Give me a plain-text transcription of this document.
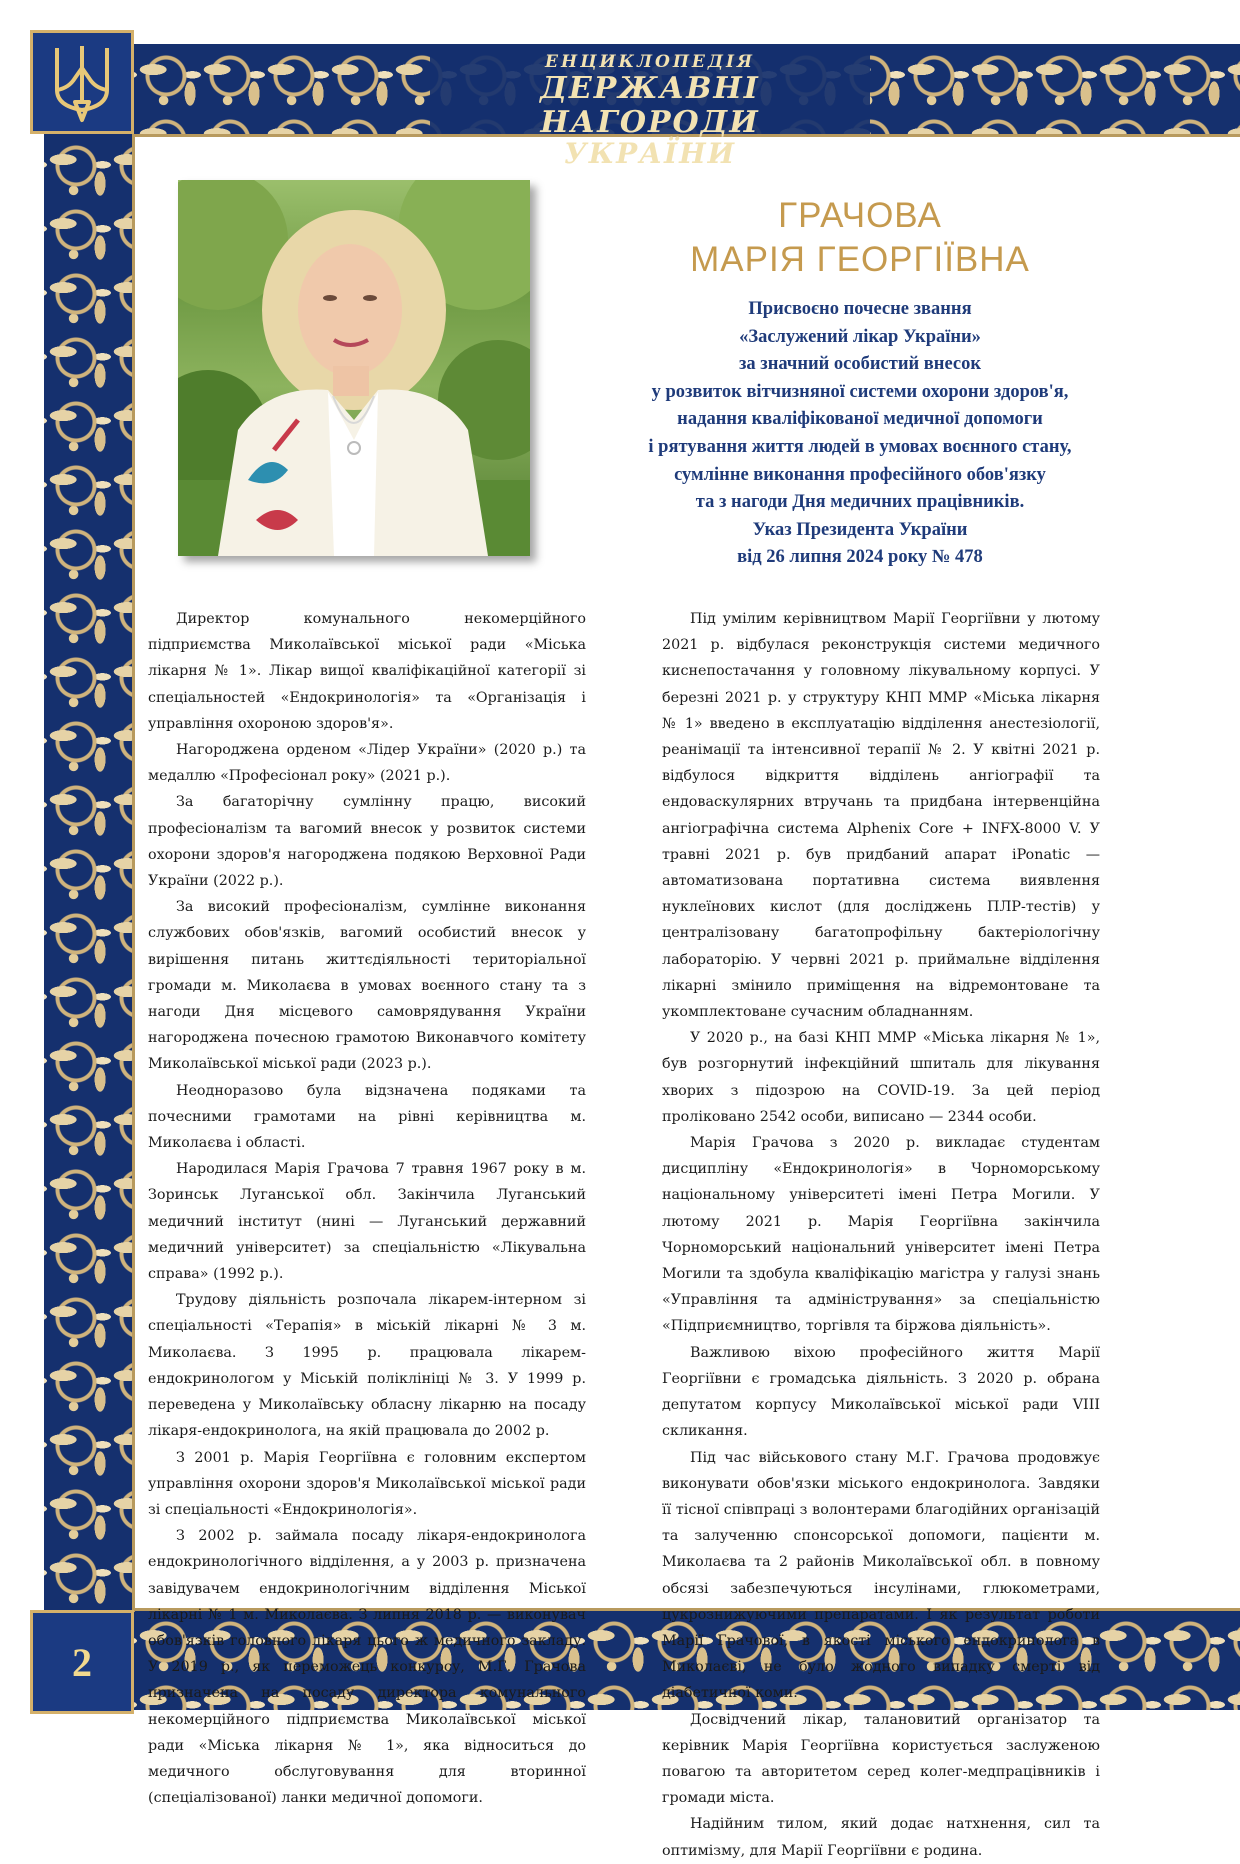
ЕНЦИКЛОПЕДІЯ
ДЕРЖАВНІ НАГОРОДИ
УКРАЇНИ
2
ГРАЧОВА
МАРІЯ ГЕОРГІЇВНА
Присвоєно почесне звання
«Заслужений лікар України»
за значний особистий внесок
у розвиток вітчизняної системи охорони здоров'я,
надання кваліфікованої медичної допомоги
і рятування життя людей в умовах воєнного стану,
сумлінне виконання професійного обов'язку
та з нагоди Дня медичних працівників.
Указ Президента України
від 26 липня 2024 року № 478

Директор комунального некомерційного підприємства Миколаївської міської ради «Міська лікарня № 1». Лікар вищої кваліфікаційної категорії зі спеціальностей «Ендокринологія» та «Організація і управління охороною здоров'я».

Нагороджена орденом «Лідер України» (2020 р.) та медаллю «Професіонал року» (2021 р.).

За багаторічну сумлінну працю, високий професіоналізм та вагомий внесок у розвиток системи охорони здоров'я нагороджена подякою Верховної Ради України (2022 р.).

За високий професіоналізм, сумлінне виконання службових обов'язків, вагомий особистий внесок у вирішення питань життєдіяльності територіальної громади м. Миколаєва в умовах воєнного стану та з нагоди Дня місцевого самоврядування України нагороджена почесною грамотою Виконавчого комітету Миколаївської міської ради (2023 р.).

Неодноразово була відзначена подяками та почесними грамотами на рівні керівництва м. Миколаєва і області.

Народилася Марія Грачова 7 травня 1967 року в м. Зоринськ Луганської обл. Закінчила Луганський медичний інститут (нині — Луганський державний медичний університет) за спеціальністю «Лікувальна справа» (1992 р.).

Трудову діяльність розпочала лікарем-інтерном зі спеціальності «Терапія» в міській лікарні № 3 м. Миколаєва. З 1995 р. працювала лікарем-ендокринологом у Міській поліклініці № 3. У 1999 р. переведена у Миколаївську обласну лікарню на посаду лікаря-ендокринолога, на якій працювала до 2002 р.

З 2001 р. Марія Георгіївна є головним експертом управління охорони здоров'я Миколаївської міської ради зі спеціальності «Ендокринологія».

З 2002 р. займала посаду лікаря-ендокринолога ендокринологічного відділення, а у 2003 р. призначена завідувачем ендокринологічним відділення Міської лікарні № 1 м. Миколаєва. З липня 2018 р. — виконувач обов'язків головного лікаря цього ж медичного закладу. У 2019 р., як переможець конкурсу, М.Г. Грачова призначена на посаду директора комунального некомерційного підприємства Миколаївської міської ради «Міська лікарня № 1», яка відноситься до медичного обслуговування для вторинної (спеціалізованої) ланки медичної допомоги.

Під умілим керівництвом Марії Георгіївни у лютому 2021 р. відбулася реконструкція системи медичного киснепостачання у головному лікувальному корпусі. У березні 2021 р. у структуру КНП ММР «Міська лікарня № 1» введено в експлуатацію відділення анестезіології, реанімації та інтенсивної терапії № 2. У квітні 2021 р. відбулося відкриття відділень ангіографії та ендоваскулярних втручань та придбана інтервенційна ангіографічна система Alphenix Core + INFX-8000 V. У травні 2021 р. був придбаний апарат iPonatic — автоматизована портативна система виявлення нуклеїнових кислот (для досліджень ПЛР-тестів) у централізовану багатопрофільну бактеріологічну лабораторію. У червні 2021 р. приймальне відділення лікарні змінило приміщення на відремонтоване та укомплектоване сучасним обладнанням.

У 2020 р., на базі КНП ММР «Міська лікарня № 1», був розгорнутий інфекційний шпиталь для лікування хворих з підозрою на COVID-19. За цей період проліковано 2542 особи, виписано — 2344 особи.

Марія Грачова з 2020 р. викладає студентам дисципліну «Ендокринологія» в Чорноморському національному університеті імені Петра Могили. У лютому 2021 р. Марія Георгіївна закінчила Чорноморський національний університет імені Петра Могили та здобула кваліфікацію магістра у галузі знань «Управління та адміністрування» за спеціальністю «Підприємництво, торгівля та біржова діяльність».

Важливою віхою професійного життя Марії Георгіївни є громадська діяльність. З 2020 р. обрана депутатом корпусу Миколаївської міської ради VIII скликання.

Під час військового стану М.Г. Грачова продовжує виконувати обов'язки міського ендокринолога. Завдяки її тісної співпраці з волонтерами благодійних організацій та залученню спонсорської допомоги, пацієнти м. Миколаєва та 2 районів Миколаївської обл. в повному обсязі забезпечуються інсулінами, глюкометрами, цукрознижуючими препаратами. І як результат роботи Марії Грачової, в якості міського ендокринолога в Миколаєві, не було жодного випадку смерті від діабетичної коми.

Досвідчений лікар, талановитий організатор та керівник Марія Георгіївна користується заслуженою повагою та авторитетом серед колег-медпрацівників і громади міста.

Надійним тилом, який додає натхнення, сил та оптимізму, для Марії Георгіївни є родина.
